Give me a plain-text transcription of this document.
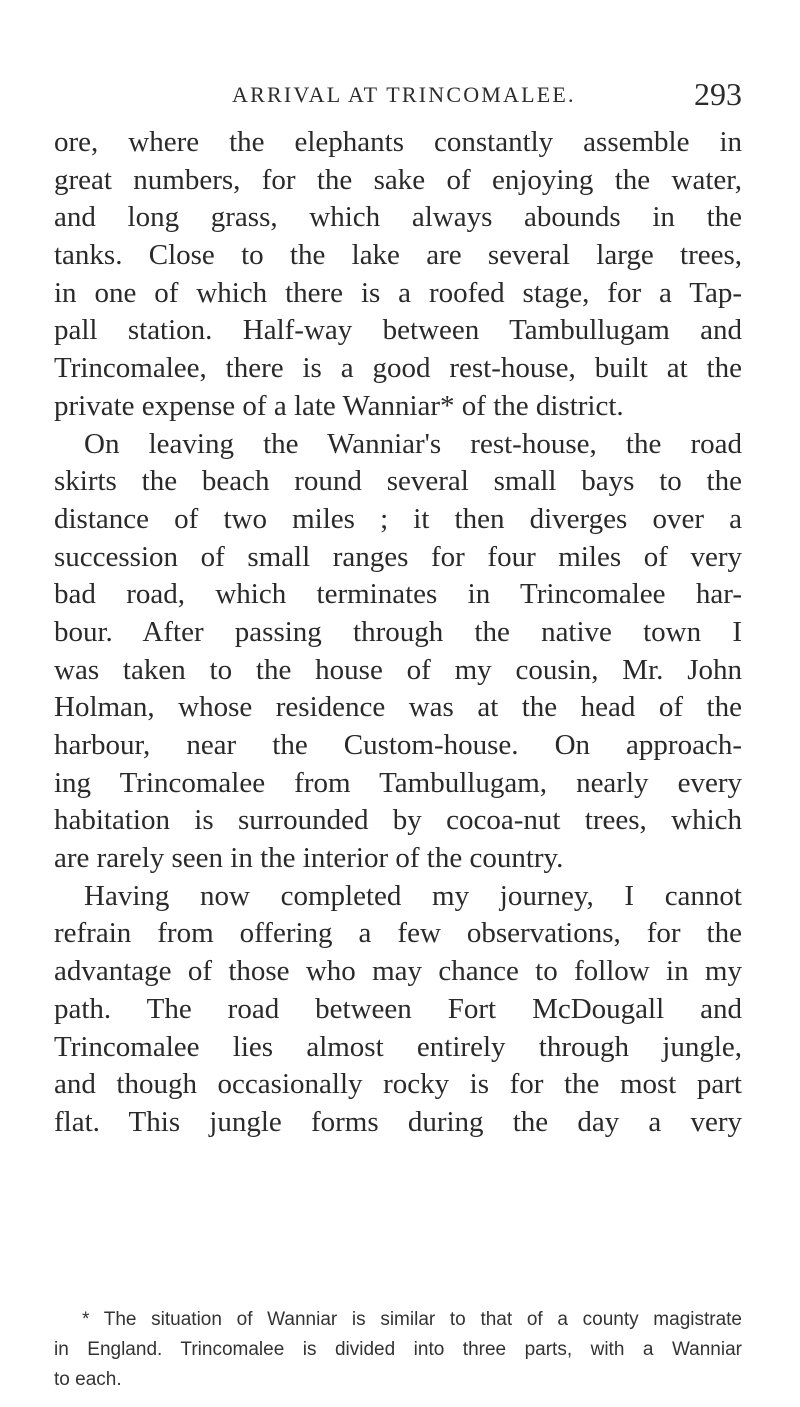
ARRIVAL AT TRINCOMALEE.	293
ore, where the elephants constantly assemble in
great numbers, for the sake of enjoying the water,
and long grass, which always abounds in the
tanks. Close to the lake are several large trees,
in one of which there is a roofed stage, for a Tap-
pall station. Half-way between Tambullugam and
Trincomalee, there is a good rest-house, built at the
private expense of a late Wanniar* of the district.
On leaving the Wanniar's rest-house, the road
skirts the beach round several small bays to the
distance of two miles ; it then diverges over a
succession of small ranges for four miles of very
bad road, which terminates in Trincomalee har-
bour. After passing through the native town I
was taken to the house of my cousin, Mr. John
Holman, whose residence was at the head of the
harbour, near the Custom-house. On approach-
ing Trincomalee from Tambullugam, nearly every
habitation is surrounded by cocoa-nut trees, which
are rarely seen in the interior of the country.
Having now completed my journey, I cannot
refrain from offering a few observations, for the
advantage of those who may chance to follow in my
path. The road between Fort McDougall and
Trincomalee lies almost entirely through jungle,
and though occasionally rocky is for the most part
flat. This jungle forms during the day a very
* The situation of Wanniar is similar to that of a county magistrate
in England. Trincomalee is divided into three parts, with a Wanniar
to each.
